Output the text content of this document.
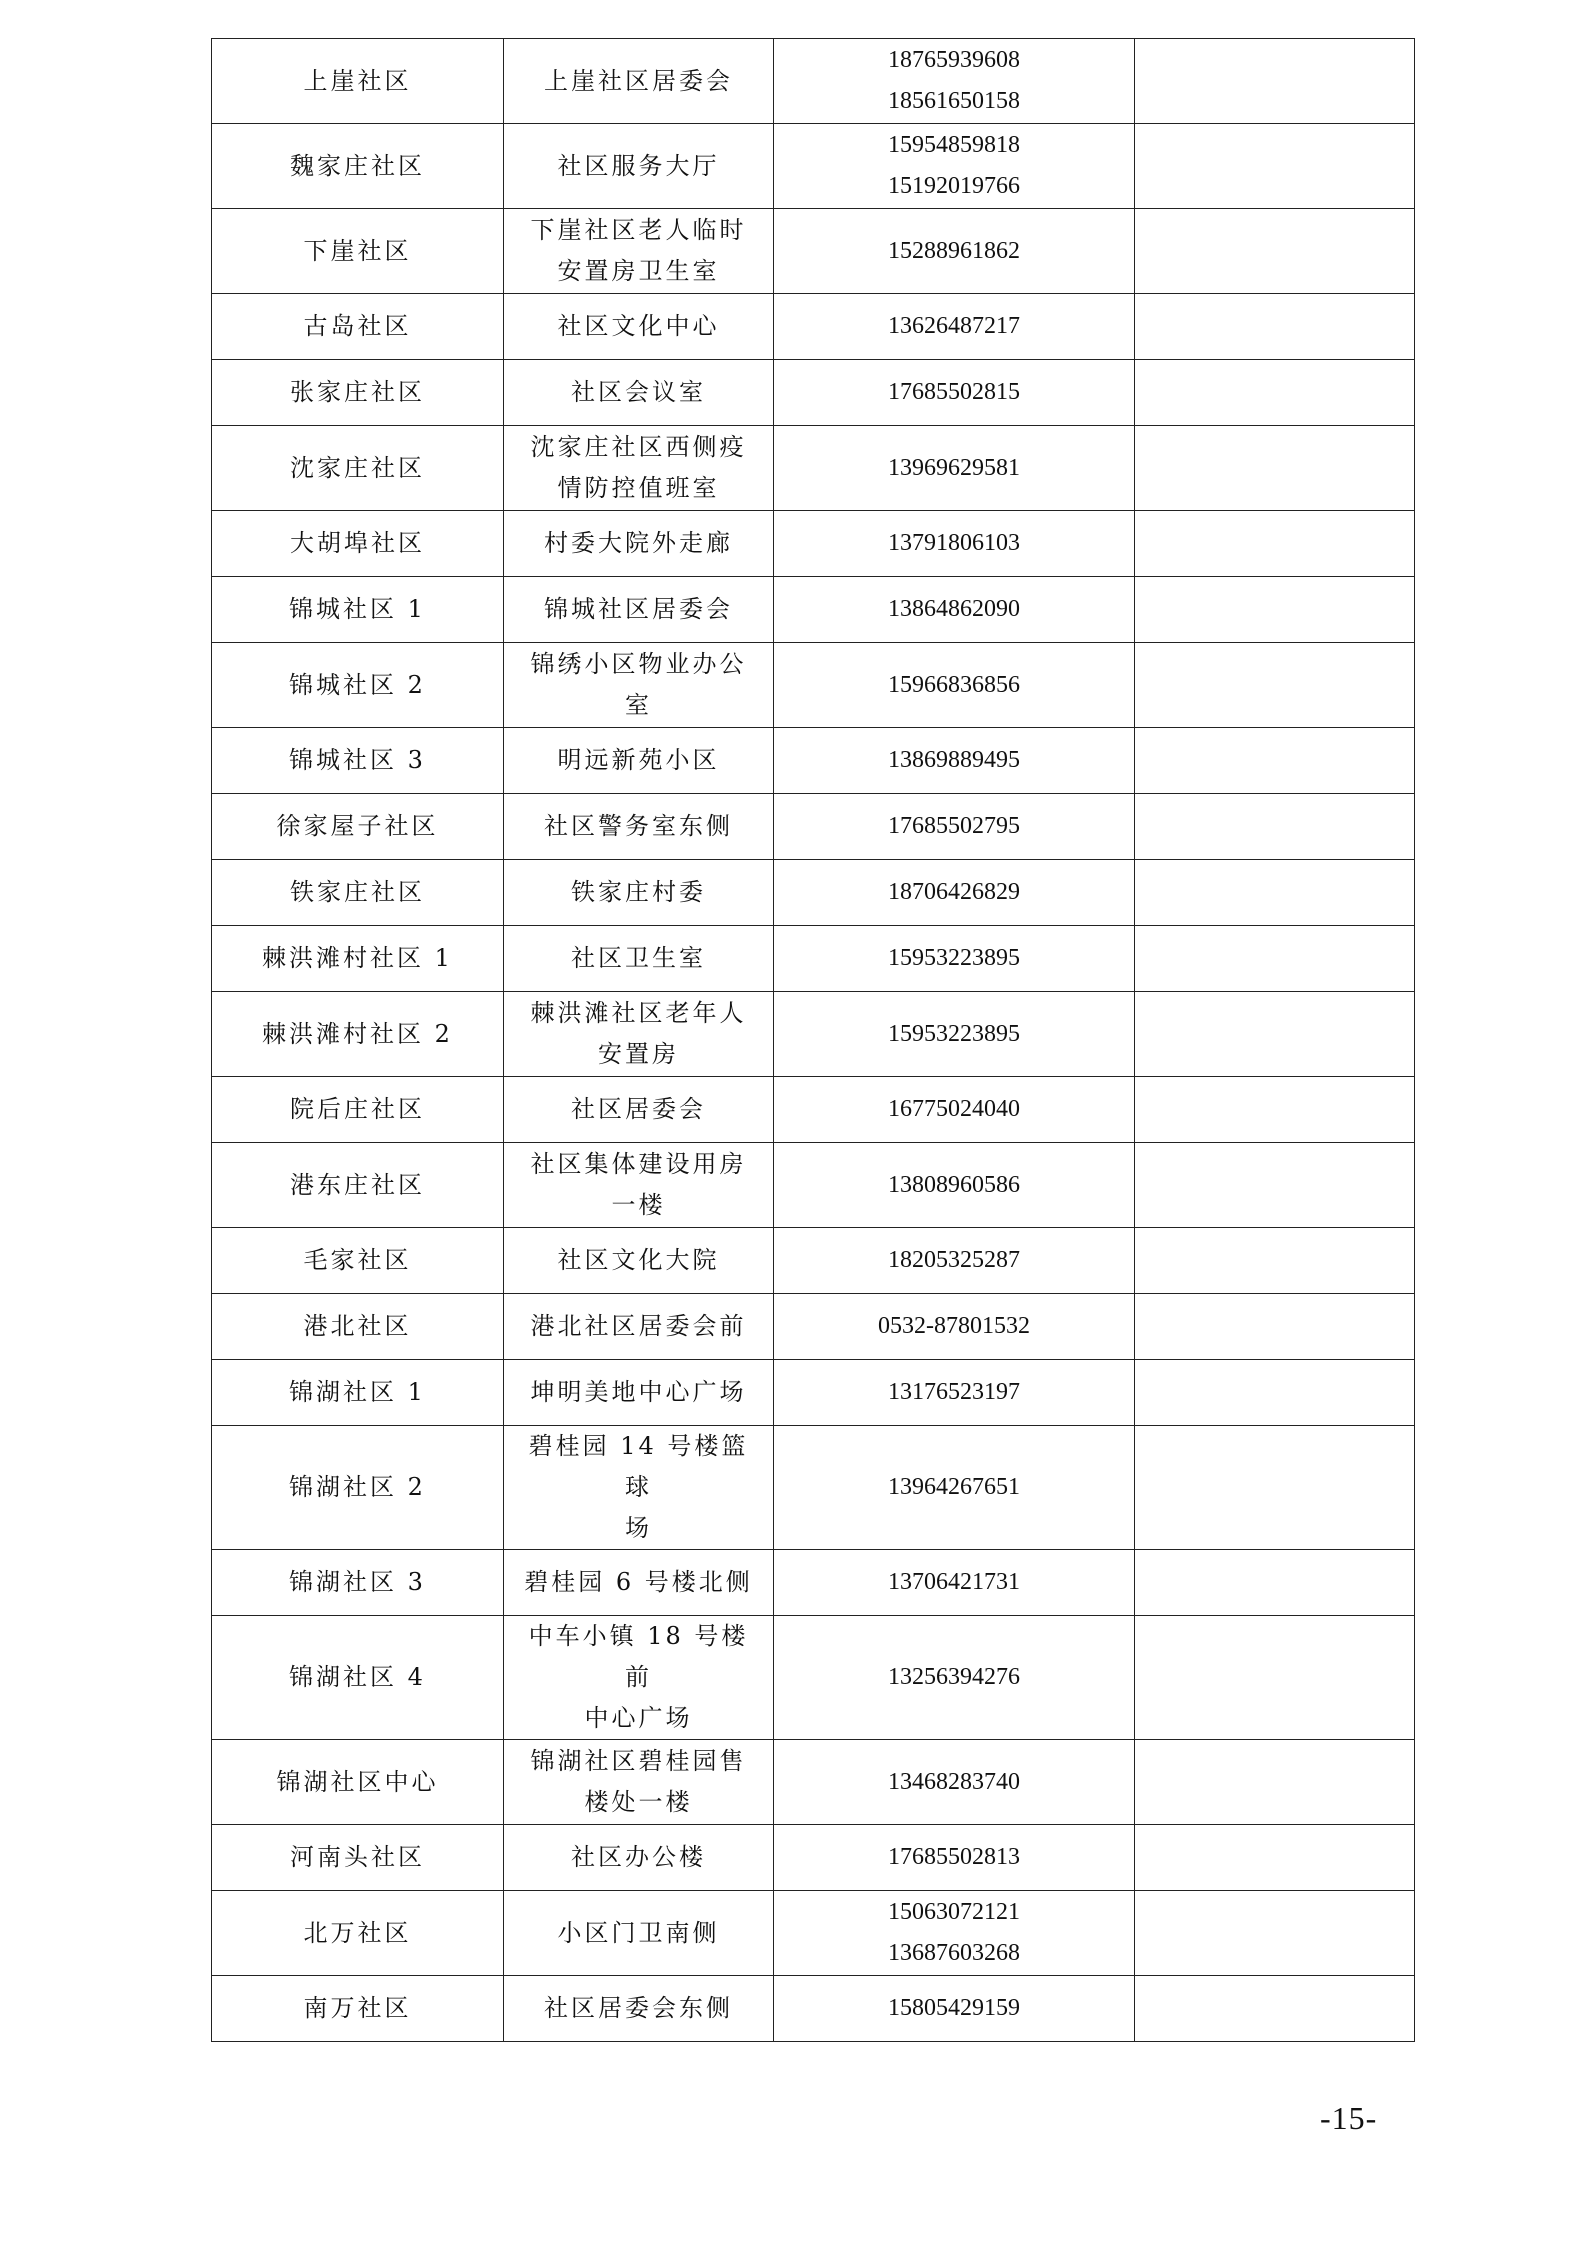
上崖社区	上崖社区居委会	18765939608
18561650158	

魏家庄社区	社区服务大厅	15954859818
15192019766	

下崖社区	下崖社区老人临时
安置房卫生室	15288961862	

古岛社区	社区文化中心	13626487217	

张家庄社区	社区会议室	17685502815	

沈家庄社区	沈家庄社区西侧疫
情防控值班室	13969629581	

大胡埠社区	村委大院外走廊	13791806103	

锦城社区 1	锦城社区居委会	13864862090	

锦城社区 2	锦绣小区物业办公
室	15966836856	

锦城社区 3	明远新苑小区	13869889495	

徐家屋子社区	社区警务室东侧	17685502795	

铁家庄社区	铁家庄村委	18706426829	

棘洪滩村社区 1	社区卫生室	15953223895	

棘洪滩村社区 2	棘洪滩社区老年人
安置房	15953223895	

院后庄社区	社区居委会	16775024040	

港东庄社区	社区集体建设用房
一楼	13808960586	

毛家社区	社区文化大院	18205325287	

港北社区	港北社区居委会前	0532-87801532	

锦湖社区 1	坤明美地中心广场	13176523197	

锦湖社区 2	碧桂园 14 号楼篮球
场	13964267651	

锦湖社区 3	碧桂园 6 号楼北侧	13706421731	

锦湖社区 4	中车小镇 18 号楼前
中心广场	13256394276	

锦湖社区中心	锦湖社区碧桂园售
楼处一楼	13468283740	

河南头社区	社区办公楼	17685502813	

北万社区	小区门卫南侧	15063072121
13687603268	

南万社区	社区居委会东侧	15805429159	

-15-
